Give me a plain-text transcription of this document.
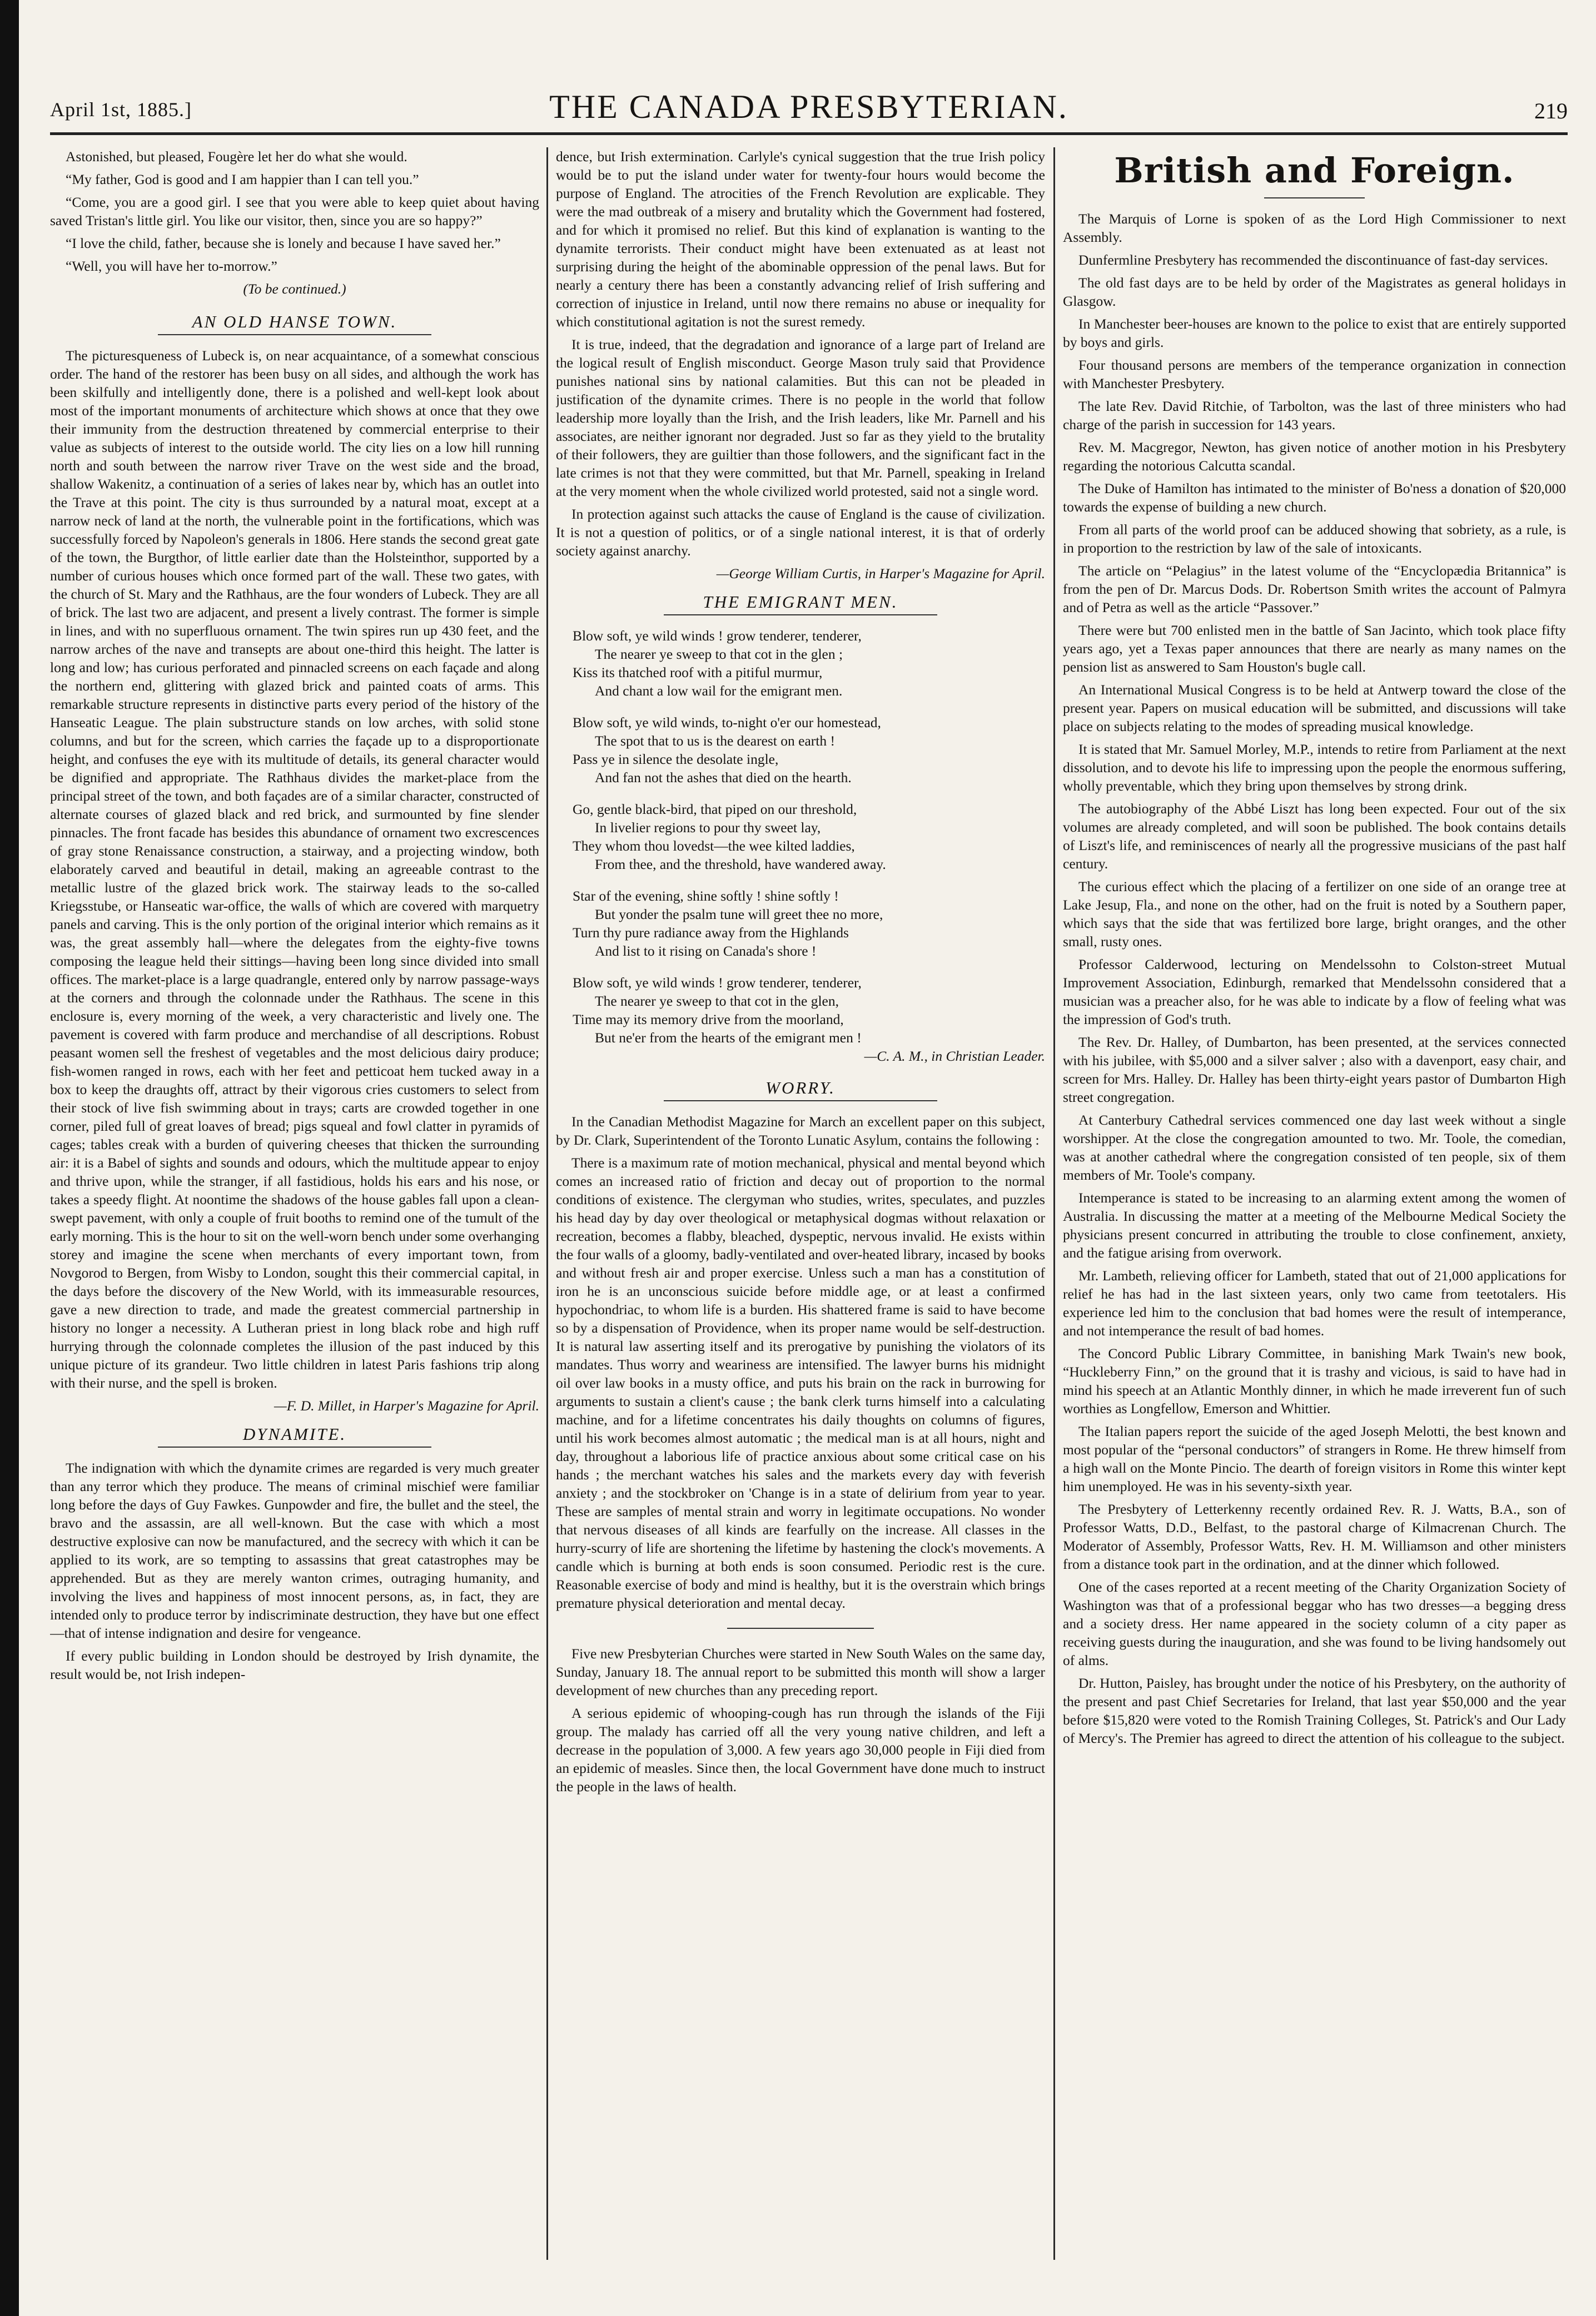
April 1st, 1885.]	THE CANADA PRESBYTERIAN.	219

Astonished, but pleased, Fougère let her do what she would.

“My father, God is good and I am happier than I can tell you.”

“Come, you are a good girl. I see that you were able to keep quiet about having saved Tristan's little girl. You like our visitor, then, since you are so happy?”

“I love the child, father, because she is lonely and because I have saved her.”

“Well, you will have her to-morrow.”

(To be continued.)

AN OLD HANSE TOWN.

The picturesqueness of Lubeck is, on near acquaintance, of a somewhat conscious order. The hand of the restorer has been busy on all sides, and although the work has been skilfully and intelligently done, there is a polished and well-kept look about most of the important monuments of architecture which shows at once that they owe their immunity from the destruction threatened by commercial enterprise to their value as subjects of interest to the outside world. The city lies on a low hill running north and south between the narrow river Trave on the west side and the broad, shallow Wakenitz, a continuation of a series of lakes near by, which has an outlet into the Trave at this point. The city is thus surrounded by a natural moat, except at a narrow neck of land at the north, the vulnerable point in the fortifications, which was successfully forced by Napoleon's generals in 1806. Here stands the second great gate of the town, the Burgthor, of little earlier date than the Holsteinthor, supported by a number of curious houses which once formed part of the wall. These two gates, with the church of St. Mary and the Rathhaus, are the four wonders of Lubeck. They are all of brick. The last two are adjacent, and present a lively contrast. The former is simple in lines, and with no superfluous ornament. The twin spires run up 430 feet, and the narrow arches of the nave and transepts are about one-third this height. The latter is long and low; has curious perforated and pinnacled screens on each façade and along the northern end, glittering with glazed brick and painted coats of arms. This remarkable structure represents in distinctive parts every period of the history of the Hanseatic League. The plain substructure stands on low arches, with solid stone columns, and but for the screen, which carries the façade up to a disproportionate height, and confuses the eye with its multitude of details, its general character would be dignified and appropriate. The Rathhaus divides the market-place from the principal street of the town, and both façades are of a similar character, constructed of alternate courses of glazed black and red brick, and surmounted by fine slender pinnacles. The front facade has besides this abundance of ornament two excrescences of gray stone Renaissance construction, a stairway, and a projecting window, both elaborately carved and beautiful in detail, making an agreeable contrast to the metallic lustre of the glazed brick work. The stairway leads to the so-called Kriegsstube, or Hanseatic war-office, the walls of which are covered with marquetry panels and carving. This is the only portion of the original interior which remains as it was, the great assembly hall—where the delegates from the eighty-five towns composing the league held their sittings—having been long since divided into small offices. The market-place is a large quadrangle, entered only by narrow passage-ways at the corners and through the colonnade under the Rathhaus. The scene in this enclosure is, every morning of the week, a very characteristic and lively one. The pavement is covered with farm produce and merchandise of all descriptions. Robust peasant women sell the freshest of vegetables and the most delicious dairy produce; fish-women ranged in rows, each with her feet and petticoat hem tucked away in a box to keep the draughts off, attract by their vigorous cries customers to select from their stock of live fish swimming about in trays; carts are crowded together in one corner, piled full of great loaves of bread; pigs squeal and fowl clatter in pyramids of cages; tables creak with a burden of quivering cheeses that thicken the surrounding air: it is a Babel of sights and sounds and odours, which the multitude appear to enjoy and thrive upon, while the stranger, if all fastidious, holds his ears and his nose, or takes a speedy flight. At noontime the shadows of the house gables fall upon a clean-swept pavement, with only a couple of fruit booths to remind one of the tumult of the early morning. This is the hour to sit on the well-worn bench under some overhanging storey and imagine the scene when merchants of every important town, from Novgorod to Bergen, from Wisby to London, sought this their commercial capital, in the days before the discovery of the New World, with its immeasurable resources, gave a new direction to trade, and made the greatest commercial partnership in history no longer a necessity. A Lutheran priest in long black robe and high ruff hurrying through the colonnade completes the illusion of the past induced by this unique picture of its grandeur. Two little children in latest Paris fashions trip along with their nurse, and the spell is broken.

—F. D. Millet, in Harper's Magazine for April.

DYNAMITE.

The indignation with which the dynamite crimes are regarded is very much greater than any terror which they produce. The means of criminal mischief were familiar long before the days of Guy Fawkes. Gunpowder and fire, the bullet and the steel, the bravo and the assassin, are all well-known. But the case with which a most destructive explosive can now be manufactured, and the secrecy with which it can be applied to its work, are so tempting to assassins that great catastrophes may be apprehended. But as they are merely wanton crimes, outraging humanity, and involving the lives and happiness of most innocent persons, as, in fact, they are intended only to produce terror by indiscriminate destruction, they have but one effect—that of intense indignation and desire for vengeance.

If every public building in London should be destroyed by Irish dynamite, the result would be, not Irish indepen-

dence, but Irish extermination. Carlyle's cynical suggestion that the true Irish policy would be to put the island under water for twenty-four hours would become the purpose of England. The atrocities of the French Revolution are explicable. They were the mad outbreak of a misery and brutality which the Government had fostered, and for which it promised no relief. But this kind of explanation is wanting to the dynamite terrorists. Their conduct might have been extenuated as at least not surprising during the height of the abominable oppression of the penal laws. But for nearly a century there has been a constantly advancing relief of Irish suffering and correction of injustice in Ireland, until now there remains no abuse or inequality for which constitutional agitation is not the surest remedy.

It is true, indeed, that the degradation and ignorance of a large part of Ireland are the logical result of English misconduct. George Mason truly said that Providence punishes national sins by national calamities. But this can not be pleaded in justification of the dynamite crimes. There is no people in the world that follow leadership more loyally than the Irish, and the Irish leaders, like Mr. Parnell and his associates, are neither ignorant nor degraded. Just so far as they yield to the brutality of their followers, they are guiltier than those followers, and the significant fact in the late crimes is not that they were committed, but that Mr. Parnell, speaking in Ireland at the very moment when the whole civilized world protested, said not a single word.

In protection against such attacks the cause of England is the cause of civilization. It is not a question of politics, or of a single national interest, it is that of orderly society against anarchy.

—George William Curtis, in Harper's Magazine for April.

THE EMIGRANT MEN.
Blow soft, ye wild winds ! grow tenderer, tenderer,
The nearer ye sweep to that cot in the glen ;
Kiss its thatched roof with a pitiful murmur,
And chant a low wail for the emigrant men.
Blow soft, ye wild winds, to-night o'er our homestead,
The spot that to us is the dearest on earth !
Pass ye in silence the desolate ingle,
And fan not the ashes that died on the hearth.
Go, gentle black-bird, that piped on our threshold,
In livelier regions to pour thy sweet lay,
They whom thou lovedst—the wee kilted laddies,
From thee, and the threshold, have wandered away.
Star of the evening, shine softly ! shine softly !
But yonder the psalm tune will greet thee no more,
Turn thy pure radiance away from the Highlands
And list to it rising on Canada's shore !
Blow soft, ye wild winds ! grow tenderer, tenderer,
The nearer ye sweep to that cot in the glen,
Time may its memory drive from the moorland,
But ne'er from the hearts of the emigrant men !
—C. A. M., in Christian Leader.
WORRY.

In the Canadian Methodist Magazine for March an excellent paper on this subject, by Dr. Clark, Superintendent of the Toronto Lunatic Asylum, contains the following :

There is a maximum rate of motion mechanical, physical and mental beyond which comes an increased ratio of friction and decay out of proportion to the normal conditions of existence. The clergyman who studies, writes, speculates, and puzzles his head day by day over theological or metaphysical dogmas without relaxation or recreation, becomes a flabby, bleached, dyspeptic, nervous invalid. He exists within the four walls of a gloomy, badly-ventilated and over-heated library, incased by books and without fresh air and proper exercise. Unless such a man has a constitution of iron he is an unconscious suicide before middle age, or at least a confirmed hypochondriac, to whom life is a burden. His shattered frame is said to have become so by a dispensation of Providence, when its proper name would be self-destruction. It is natural law asserting itself and its prerogative by punishing the violators of its mandates. Thus worry and weariness are intensified. The lawyer burns his midnight oil over law books in a musty office, and puts his brain on the rack in burrowing for arguments to sustain a client's cause ; the bank clerk turns himself into a calculating machine, and for a lifetime concentrates his daily thoughts on columns of figures, until his work becomes almost automatic ; the medical man is at all hours, night and day, throughout a laborious life of practice anxious about some critical case on his hands ; the merchant watches his sales and the markets every day with feverish anxiety ; and the stockbroker on 'Change is in a state of delirium from year to year. These are samples of mental strain and worry in legitimate occupations. No wonder that nervous diseases of all kinds are fearfully on the increase. All classes in the hurry-scurry of life are shortening the lifetime by hastening the clock's movements. A candle which is burning at both ends is soon consumed. Periodic rest is the cure. Reasonable exercise of body and mind is healthy, but it is the overstrain which brings premature physical deterioration and mental decay.

Five new Presbyterian Churches were started in New South Wales on the same day, Sunday, January 18. The annual report to be submitted this month will show a larger development of new churches than any preceding report.

A serious epidemic of whooping-cough has run through the islands of the Fiji group. The malady has carried off all the very young native children, and left a decrease in the population of 3,000. A few years ago 30,000 people in Fiji died from an epidemic of measles. Since then, the local Government have done much to instruct the people in the laws of health.

British and Foreign.

The Marquis of Lorne is spoken of as the Lord High Commissioner to next Assembly.

Dunfermline Presbytery has recommended the discontinuance of fast-day services.

The old fast days are to be held by order of the Magistrates as general holidays in Glasgow.

In Manchester beer-houses are known to the police to exist that are entirely supported by boys and girls.

Four thousand persons are members of the temperance organization in connection with Manchester Presbytery.

The late Rev. David Ritchie, of Tarbolton, was the last of three ministers who had charge of the parish in succession for 143 years.

Rev. M. Macgregor, Newton, has given notice of another motion in his Presbytery regarding the notorious Calcutta scandal.

The Duke of Hamilton has intimated to the minister of Bo'ness a donation of $20,000 towards the expense of building a new church.

From all parts of the world proof can be adduced showing that sobriety, as a rule, is in proportion to the restriction by law of the sale of intoxicants.

The article on “Pelagius” in the latest volume of the “Encyclopædia Britannica” is from the pen of Dr. Marcus Dods. Dr. Robertson Smith writes the account of Palmyra and of Petra as well as the article “Passover.”

There were but 700 enlisted men in the battle of San Jacinto, which took place fifty years ago, yet a Texas paper announces that there are nearly as many names on the pension list as answered to Sam Houston's bugle call.

An International Musical Congress is to be held at Antwerp toward the close of the present year. Papers on musical education will be submitted, and discussions will take place on subjects relating to the modes of spreading musical knowledge.

It is stated that Mr. Samuel Morley, M.P., intends to retire from Parliament at the next dissolution, and to devote his life to impressing upon the people the enormous suffering, wholly preventable, which they bring upon themselves by strong drink.

The autobiography of the Abbé Liszt has long been expected. Four out of the six volumes are already completed, and will soon be published. The book contains details of Liszt's life, and reminiscences of nearly all the progressive musicians of the past half century.

The curious effect which the placing of a fertilizer on one side of an orange tree at Lake Jesup, Fla., and none on the other, had on the fruit is noted by a Southern paper, which says that the side that was fertilized bore large, bright oranges, and the other small, rusty ones.

Professor Calderwood, lecturing on Mendelssohn to Colston-street Mutual Improvement Association, Edinburgh, remarked that Mendelssohn considered that a musician was a preacher also, for he was able to indicate by a flow of feeling what was the impression of God's truth.

The Rev. Dr. Halley, of Dumbarton, has been presented, at the services connected with his jubilee, with $5,000 and a silver salver ; also with a davenport, easy chair, and screen for Mrs. Halley. Dr. Halley has been thirty-eight years pastor of Dumbarton High street congregation.

At Canterbury Cathedral services commenced one day last week without a single worshipper. At the close the congregation amounted to two. Mr. Toole, the comedian, was at another cathedral where the congregation consisted of ten people, six of them members of Mr. Toole's company.

Intemperance is stated to be increasing to an alarming extent among the women of Australia. In discussing the matter at a meeting of the Melbourne Medical Society the physicians present concurred in attributing the trouble to close confinement, anxiety, and the fatigue arising from overwork.

Mr. Lambeth, relieving officer for Lambeth, stated that out of 21,000 applications for relief he has had in the last sixteen years, only two came from teetotalers. His experience led him to the conclusion that bad homes were the result of intemperance, and not intemperance the result of bad homes.

The Concord Public Library Committee, in banishing Mark Twain's new book, “Huckleberry Finn,” on the ground that it is trashy and vicious, is said to have had in mind his speech at an Atlantic Monthly dinner, in which he made irreverent fun of such worthies as Longfellow, Emerson and Whittier.

The Italian papers report the suicide of the aged Joseph Melotti, the best known and most popular of the “personal conductors” of strangers in Rome. He threw himself from a high wall on the Monte Pincio. The dearth of foreign visitors in Rome this winter kept him unemployed. He was in his seventy-sixth year.

The Presbytery of Letterkenny recently ordained Rev. R. J. Watts, B.A., son of Professor Watts, D.D., Belfast, to the pastoral charge of Kilmacrenan Church. The Moderator of Assembly, Professor Watts, Rev. H. M. Williamson and other ministers from a distance took part in the ordination, and at the dinner which followed.

One of the cases reported at a recent meeting of the Charity Organization Society of Washington was that of a professional beggar who has two dresses—a begging dress and a society dress. Her name appeared in the society column of a city paper as receiving guests during the inauguration, and she was found to be living handsomely out of alms.

Dr. Hutton, Paisley, has brought under the notice of his Presbytery, on the authority of the present and past Chief Secretaries for Ireland, that last year $50,000 and the year before $15,820 were voted to the Romish Training Colleges, St. Patrick's and Our Lady of Mercy's. The Premier has agreed to direct the attention of his colleague to the subject.
